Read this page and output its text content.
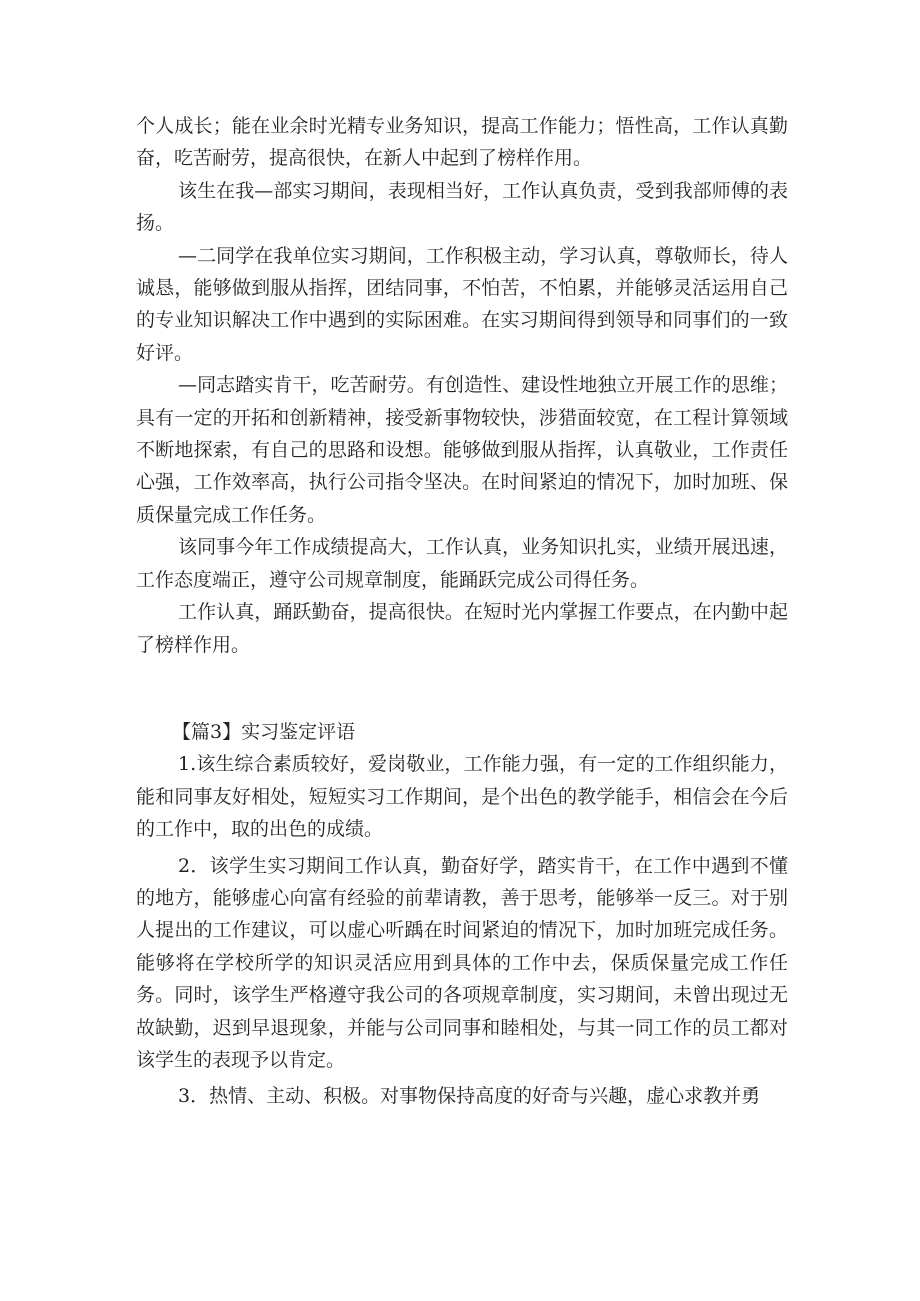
个人成长；能在业余时光精专业务知识，提高工作能力；悟性高，工作认真勤奋，吃苦耐劳，提高很快，在新人中起到了榜样作用。

该生在我—部实习期间，表现相当好，工作认真负责，受到我部师傅的表扬。

—二同学在我单位实习期间，工作积极主动，学习认真，尊敬师长，待人诚恳，能够做到服从指挥，团结同事，不怕苦，不怕累，并能够灵活运用自己的专业知识解决工作中遇到的实际困难。在实习期间得到领导和同事们的一致好评。

—同志踏实肯干，吃苦耐劳。有创造性、建设性地独立开展工作的思维；具有一定的开拓和创新精神，接受新事物较快，涉猎面较宽，在工程计算领域不断地探索，有自己的思路和设想。能够做到服从指挥，认真敬业，工作责任心强，工作效率高，执行公司指令坚决。在时间紧迫的情况下，加时加班、保质保量完成工作任务。

该同事今年工作成绩提高大，工作认真，业务知识扎实，业绩开展迅速，工作态度端正，遵守公司规章制度，能踊跃完成公司得任务。

工作认真，踊跃勤奋，提高很快。在短时光内掌握工作要点，在内勤中起了榜样作用。

【篇3】实习鉴定评语

1.该生综合素质较好，爱岗敬业，工作能力强，有一定的工作组织能力，能和同事友好相处，短短实习工作期间，是个出色的教学能手，相信会在今后的工作中，取的出色的成绩。

2．该学生实习期间工作认真，勤奋好学，踏实肯干，在工作中遇到不懂的地方，能够虚心向富有经验的前辈请教，善于思考，能够举一反三。对于别人提出的工作建议，可以虚心听踽在时间紧迫的情况下，加时加班完成任务。能够将在学校所学的知识灵活应用到具体的工作中去，保质保量完成工作任务。同时，该学生严格遵守我公司的各项规章制度，实习期间，未曾出现过无故缺勤，迟到早退现象，并能与公司同事和睦相处，与其一同工作的员工都对该学生的表现予以肯定。

3．热情、主动、积极。对事物保持高度的好奇与兴趣，虚心求教并勇
